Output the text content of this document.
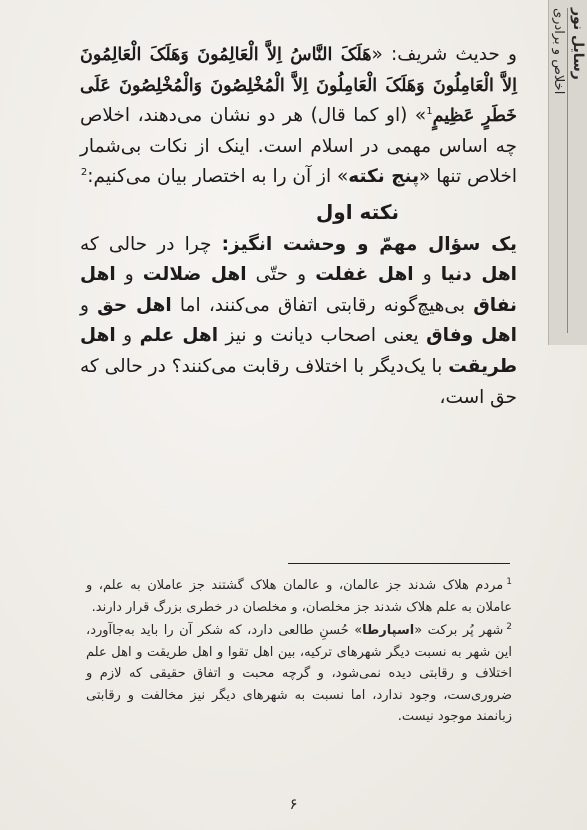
رسایل نور
اخلاص و برادری

و حدیث شریف: «هَلَکَ النَّاسُ اِلاَّ الْعَالِمُونَ وَهَلَکَ الْعَالِمُونَ اِلاَّ الْعَامِلُونَ وَهَلَکَ الْعَامِلُونَ اِلاَّ الْمُخْلِصُونَ وَالْمُخْلِصُونَ عَلَی خَطَرٍ عَظِیمٍ$^1$» (او کما قال) هر دو نشان می‌دهند، اخلاص چه اساس مهمی در اسلام است. اینک از نکات بی‌شمار اخلاص تنها «پنج نکته» از آن را به اختصار بیان می‌کنیم:$^2$

نکته اول

یک سؤال مهمّ و وحشت انگیز: چرا در حالی که اهل دنیا و اهل غفلت و حتّی اهل ضلالت و اهل نفاق بی‌هیچ‌گونه رقابتی اتفاق می‌کنند، اما اهل حق و اهل وفاق یعنی اصحاب دیانت و نیز اهل علم و اهل طریقت با یک‌دیگر با اختلاف رقابت می‌کنند؟ در حالی که حق است،

$^1$مردم هلاک شدند جز عالمان، و عالمان هلاک گشتند جز عاملان به علم، و عاملان به علم هلاک شدند جز مخلصان، و مخلصان در خطری بزرگ قرار دارند.

$^2$شهر پُر برکت «اسپارطا» حُسنِ طالعی دارد، که شکر آن را باید به‌جاآورد، این شهر به نسبت دیگر شهرهای ترکیه، بین اهل تقوا و اهل طریقت و اهل علم اختلاف و رقابتی دیده نمی‌شود، و گرچه محبت و اتفاق حقیقی که لازم و ضروری‌ست، وجود ندارد، اما نسبت به شهرهای دیگر نیز مخالفت و رقابتی زبانمند موجود نیست.

۶
